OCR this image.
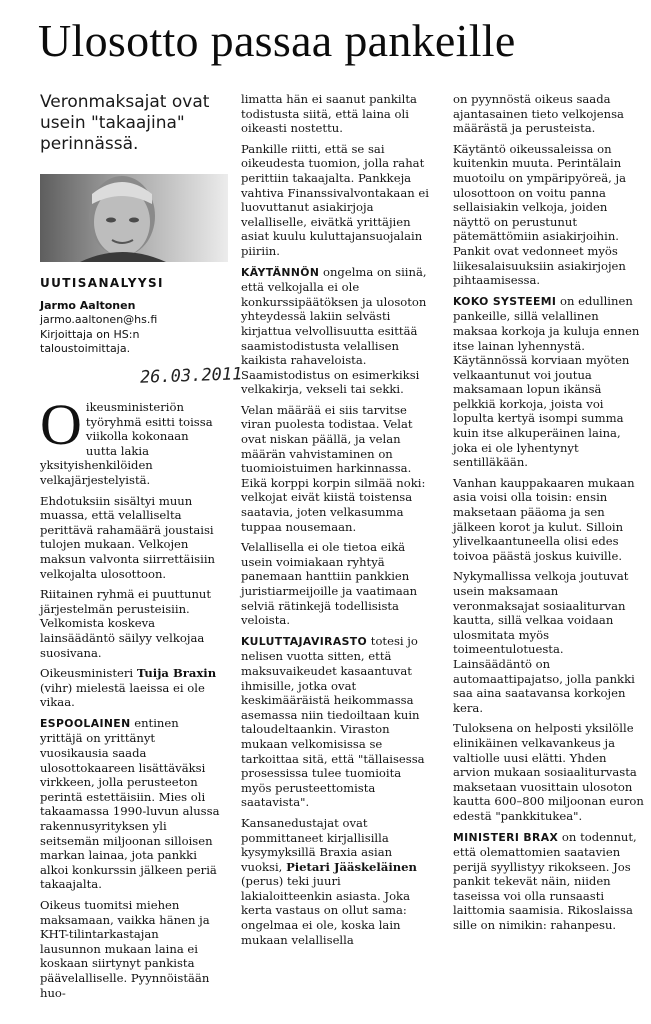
Ulosotto passaa pankeille
Veronmaksajat ovat usein "takaajina" perinnässä.
UUTISANALYYSI
Jarmo Aaltonen
jarmo.aaltonen@hs.fi
Kirjoittaja on HS:n
taloustoimittaja.
26.03.2011

Oikeusministeriön työryhmä esitti toissa viikolla kokonaan uutta lakia yksityishenkilöiden velkajärjestelyistä.

Ehdotuksiin sisältyi muun muassa, että velalliselta perittävä rahamäärä joustaisi tulojen mukaan. Velkojen maksun valvonta siirrettäisiin velkojalta ulosottoon.

Riitainen ryhmä ei puuttunut järjestelmän perusteisiin. Velkomista koskeva lainsäädäntö säilyy velkojaa suosivana.

Oikeusministeri Tuija Braxin (vihr) mielestä laeissa ei ole vikaa.

ESPOOLAINEN entinen yrittäjä on yrittänyt vuosikausia saada ulosottokaareen lisättäväksi virkkeen, jolla perusteeton perintä estettäisiin. Mies oli takaamassa 1990-luvun alussa rakennusyrityksen yli seitsemän miljoonan silloisen markan lainaa, jota pankki alkoi konkurssin jälkeen periä takaajalta.

Oikeus tuomitsi miehen maksamaan, vaikka hänen ja KHT-tilintarkastajan lausunnon mukaan laina ei koskaan siirtynyt pankista päävelalliselle. Pyynnöistään huo-

limatta hän ei saanut pankilta todistusta siitä, että laina oli oikeasti nostettu.

Pankille riitti, että se sai oikeudesta tuomion, jolla rahat perittiin takaajalta. Pankkeja vahtiva Finanssivalvontakaan ei luovuttanut asiakirjoja velalliselle, eivätkä yrittäjien asiat kuulu kuluttajansuojalain piiriin.

KÄYTÄNNÖN ongelma on siinä, että velkojalla ei ole konkurssipäätöksen ja ulosoton yhteydessä lakiin selvästi kirjattua velvollisuutta esittää saamistodistusta velallisen kaikista rahaveloista. Saamistodistus on esimerkiksi velkakirja, vekseli tai sekki.

Velan määrää ei siis tarvitse viran puolesta todistaa. Velat ovat niskan päällä, ja velan määrän vahvistaminen on tuomioistuimen harkinnassa. Eikä korppi korpin silmää noki: velkojat eivät kiistä toistensa saatavia, joten velkasumma tuppaa nousemaan.

Velallisella ei ole tietoa eikä usein voimiakaan ryhtyä panemaan hanttiin pankkien juristiarmeijoille ja vaatimaan selviä rätinkejä todellisista veloista.

KULUTTAJAVIRASTO totesi jo nelisen vuotta sitten, että maksuvaikeudet kasaantuvat ihmisille, jotka ovat keskimääräistä heikommassa asemassa niin tiedoiltaan kuin taloudeltaankin. Viraston mukaan velkomisissa se tarkoittaa sitä, että "tällaisessa prosessissa tulee tuomioita myös perusteettomista saatavista".

Kansanedustajat ovat pommittaneet kirjallisilla kysymyksillä Braxia asian vuoksi, Pietari Jääskeläinen (perus) teki juuri lakialoitteenkin asiasta. Joka kerta vastaus on ollut sama: ongelmaa ei ole, koska lain mukaan velallisella

on pyynnöstä oikeus saada ajantasainen tieto velkojensa määrästä ja perusteista.

Käytäntö oikeussaleissa on kuitenkin muuta. Perintälain muotoilu on ympäripyöreä, ja ulosottoon on voitu panna sellaisiakin velkoja, joiden näyttö on perustunut pätemättömiin asiakirjoihin. Pankit ovat vedonneet myös liikesalaisuuksiin asiakirjojen pihtaamisessa.

KOKO SYSTEEMI on edullinen pankeille, sillä velallinen maksaa korkoja ja kuluja ennen itse lainan lyhennystä. Käytännössä korviaan myöten velkaantunut voi joutua maksamaan lopun ikänsä pelkkiä korkoja, joista voi lopulta kertyä isompi summa kuin itse alkuperäinen laina, joka ei ole lyhentynyt sentilläkään.

Vanhan kauppakaaren mukaan asia voisi olla toisin: ensin maksetaan pääoma ja sen jälkeen korot ja kulut. Silloin ylivelkaantuneella olisi edes toivoa päästä joskus kuiville.

Nykymallissa velkoja joutuvat usein maksamaan veronmaksajat sosiaaliturvan kautta, sillä velkaa voidaan ulosmitata myös toimeentulotuesta. Lainsäädäntö on automaattipajatso, jolla pankki saa aina saatavansa korkojen kera.

Tuloksena on helposti yksilölle elinikäinen velkavankeus ja valtiolle uusi elätti. Yhden arvion mukaan sosiaaliturvasta maksetaan vuosittain ulosoton kautta 600–800 miljoonan euron edestä "pankkitukea".

MINISTERI BRAX on todennut, että olemattomien saatavien perijä syyllistyy rikokseen. Jos pankit tekevät näin, niiden taseissa voi olla runsaasti laittomia saamisia. Rikoslaissa sille on nimikin: rahanpesu.
